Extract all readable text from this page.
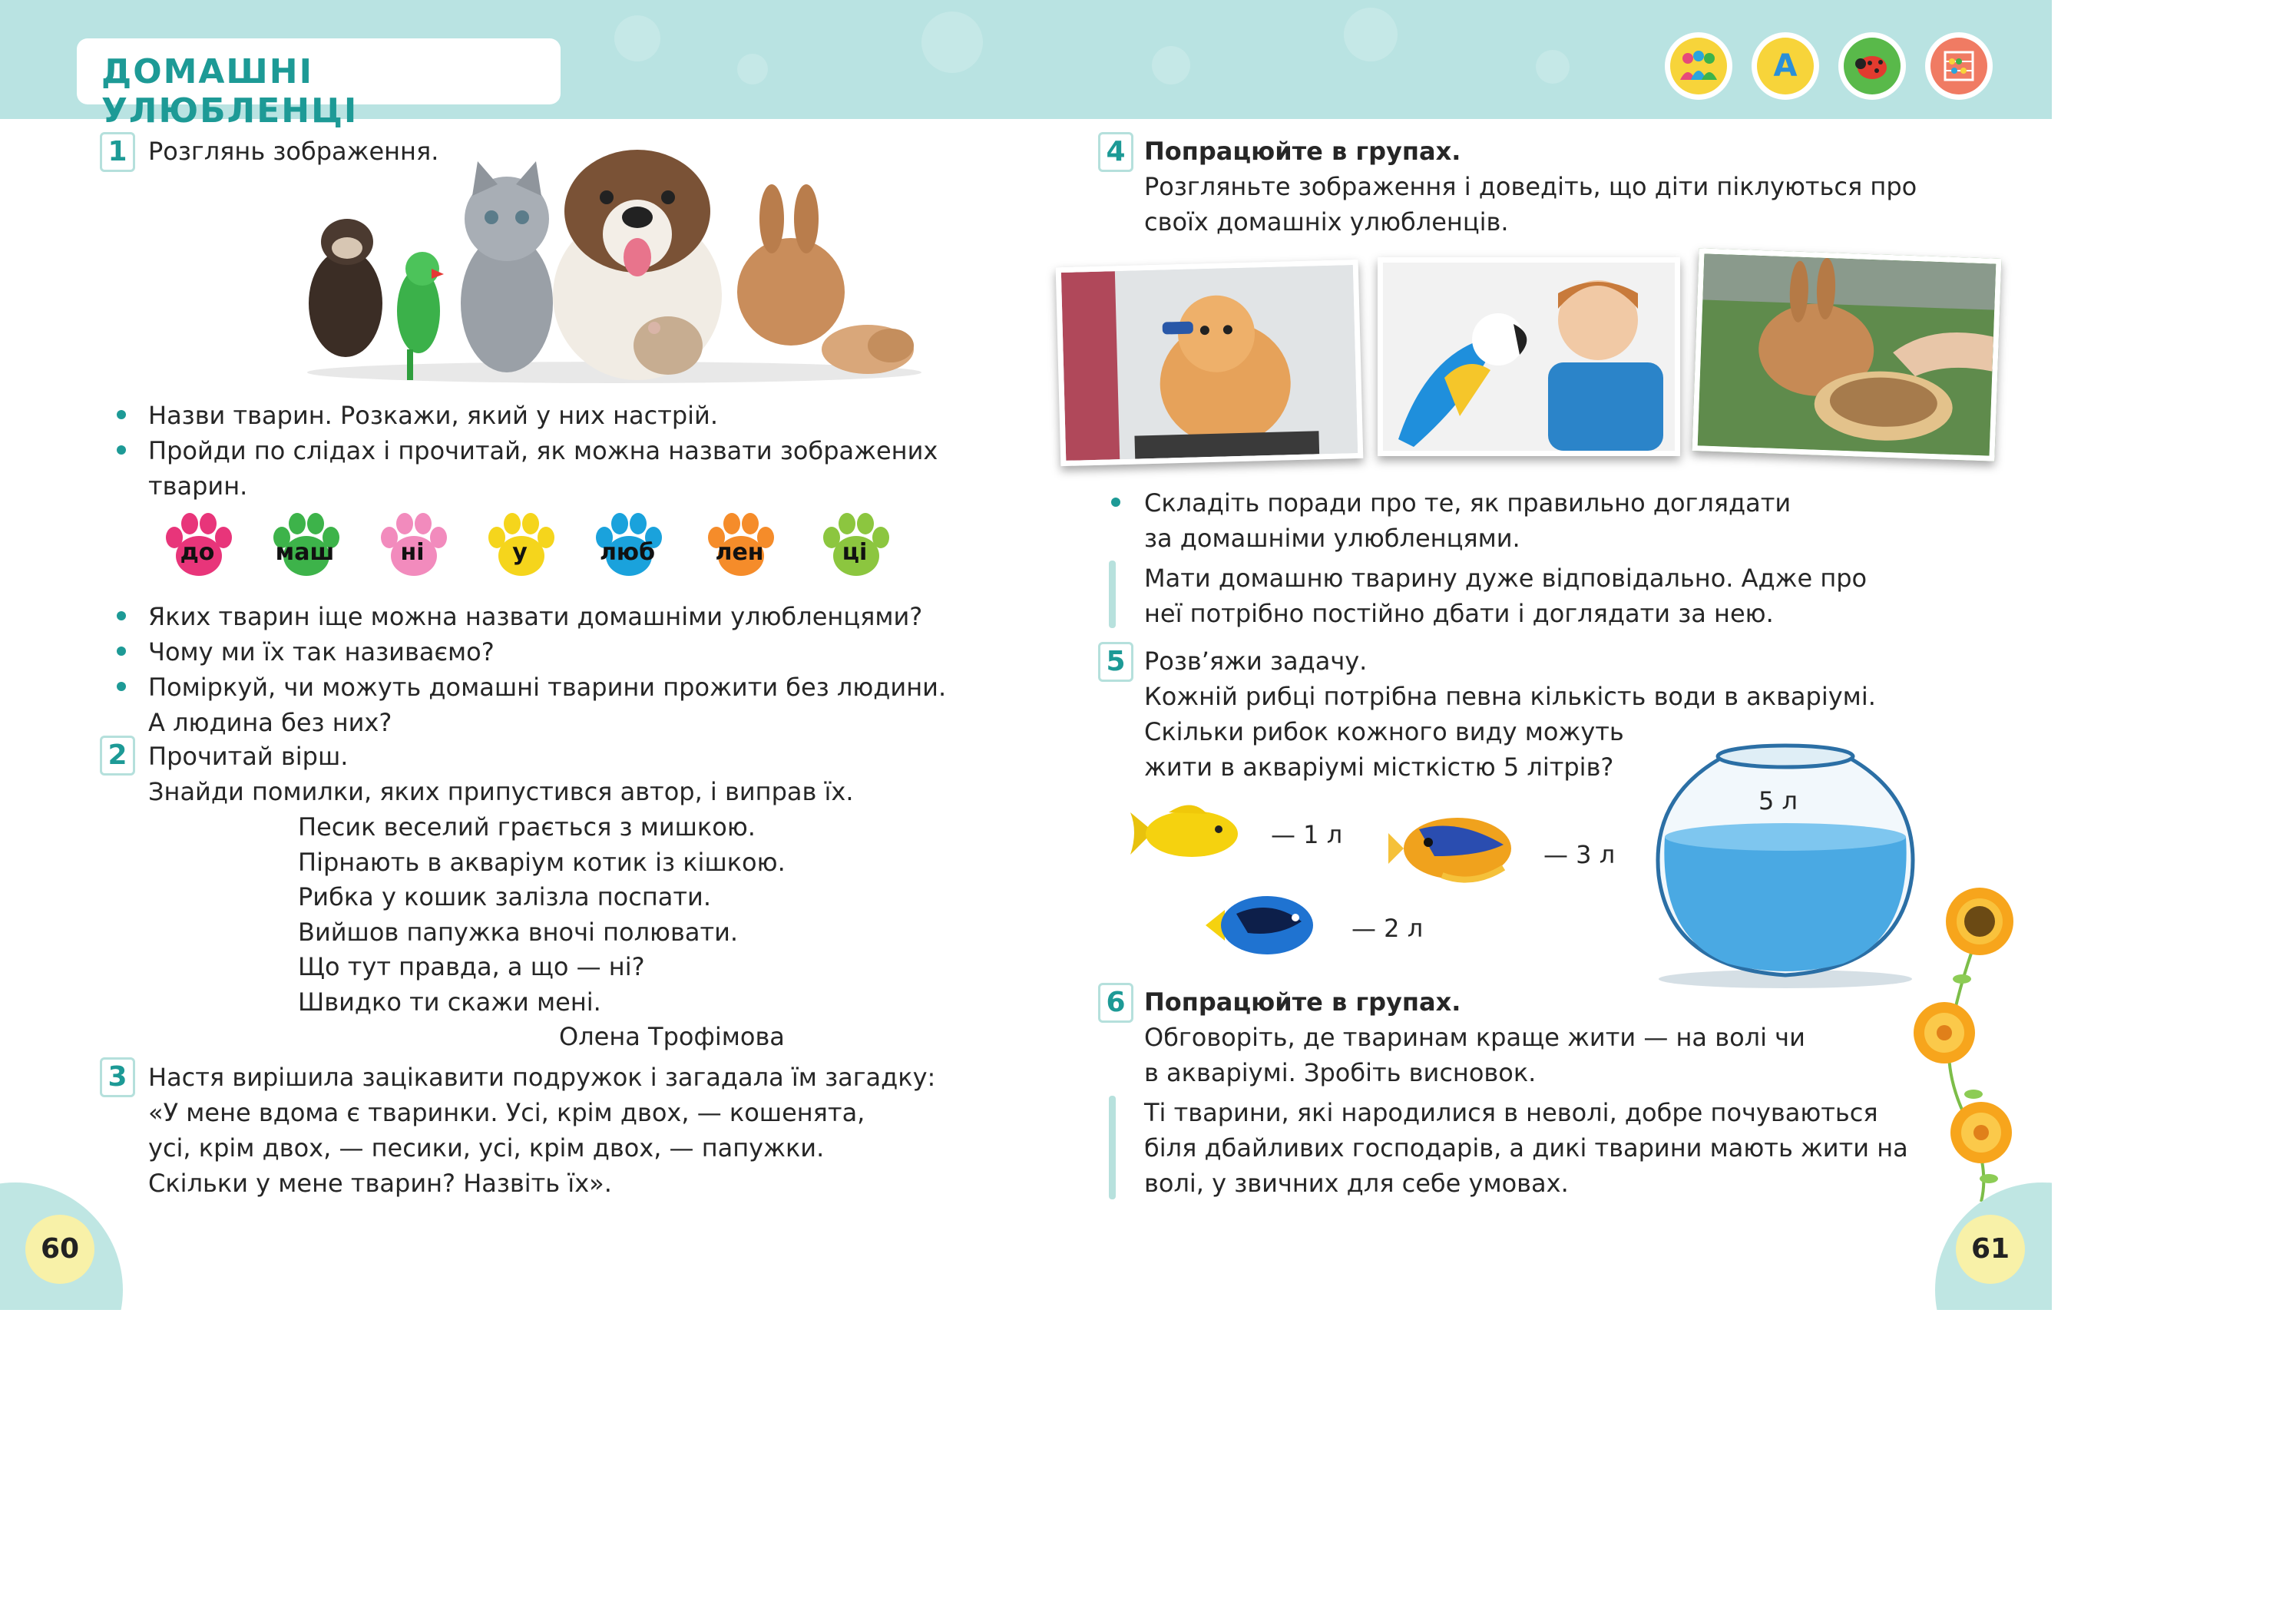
ДОМАШНІ УЛЮБЛЕНЦІ
А
1 Розглянь зображення.
Назви тварин. Розкажи, який у них настрій.
Пройди по слідах і прочитай, як можна назвати зображених
тварин.
до	маш	ні	у	люб	лен	ці
Яких тварин іще можна назвати домашніми улюбленцями?
Чому ми їх так називаємо?
Поміркуй, чи можуть домашні тварини прожити без людини.
А людина без них?
2 Прочитай вірш.
Знайди помилки, яких припустився автор, і виправ їх.
Песик веселий грається з мишкою.
Пірнають в акваріум котик із кішкою.
Рибка у кошик залізла поспати.
Вийшов папужка вночі полювати.
Що тут правда, а що — ні?
Швидко ти скажи мені.
Олена Трофімова
3 Настя вирішила зацікавити подружок і загадала їм загадку:
«У мене вдома є тваринки. Усі, крім двох, — кошенята,
усі, крім двох, — песики, усі, крім двох, — папужки.
Скільки у мене тварин? Назвіть їх».
60
4 Попрацюйте в групах.
Розгляньте зображення і доведіть, що діти піклуються про
своїх домашніх улюбленців.
Складіть поради про те, як правильно доглядати
за домашніми улюбленцями.
Мати домашню тварину дуже відповідально. Адже про
неї потрібно постійно дбати і доглядати за нею.
5 Розв’яжи задачу.
Кожній рибці потрібна певна кількість води в акваріумі.
Скільки рибок кожного виду можуть
жити в акваріумі місткістю 5 літрів?
— 1 л
— 3 л
— 2 л
5 л
6 Попрацюйте в групах.
Обговоріть, де тваринам краще жити — на волі чи
в акваріумі. Зробіть висновок.
Ті тварини, які народилися в неволі, добре почуваються
біля дбайливих господарів, а дикі тварини мають жити на
волі, у звичних для себе умовах.
61
